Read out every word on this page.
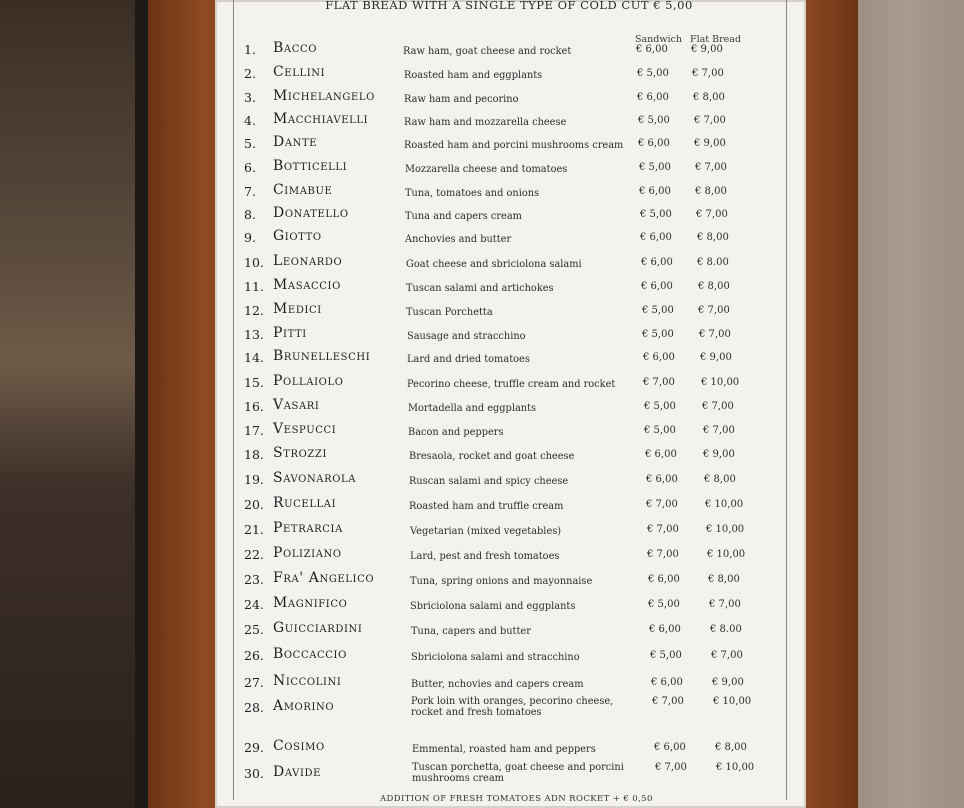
FLAT BREAD WITH A SINGLE TYPE OF COLD CUT € 5,00
Sandwich Flat Bread
1.	Bacco	Raw ham, goat cheese and rocket	€ 6,00 € 9,00
2.	Cellini	Roasted ham and eggplants	€ 5,00 € 7,00
3.	Michelangelo	Raw ham and pecorino	€ 6,00 € 8,00
4.	Macchiavelli	Raw ham and mozzarella cheese	€ 5,00 € 7,00
5.	Dante	Roasted ham and porcini mushrooms cream € 6,00 € 9,00
6.	Botticelli	Mozzarella cheese and tomatoes	€ 5,00 € 7,00
7.	Cimabue	Tuna, tomatoes and onions	€ 6,00 € 8,00
8.	Donatello	Tuna and capers cream	€ 5,00 € 7,00
9.	Giotto	Anchovies and butter	€ 6,00	€ 8,00
10. Leonardo	Goat cheese and sbriciolona salami	€ 6,00 € 8.00
11. Masaccio	Tuscan salami and artichokes	€ 6,00	€ 8,00
12. Medici	Tuscan Porchetta	€ 5,00 € 7,00
13. Pitti	Sausage and stracchino	€ 5,00	€ 7,00
14. Brunelleschi	Lard and dried tomatoes	€ 6,00	€ 9,00
15. Pollaiolo	Pecorino cheese, truffle cream and rocket	€ 7,00	€ 10,00
16. Vasari	Mortadella and eggplants	€ 5,00	€ 7,00
17. Vespucci	Bacon and peppers	€ 5,00	€ 7,00
18. Strozzi	Bresaola, rocket and goat cheese	€ 6,00	€ 9,00
19. Savonarola	Ruscan salami and spicy cheese	€ 6,00	€ 8,00
20. Rucellai	Roasted ham and truffle cream	€ 7,00	€ 10,00
21. Petrarcia	Vegetarian (mixed vegetables)	€ 7,00	€ 10,00
22. Poliziano	Lard, pest and fresh tomatoes	€ 7,00	€ 10,00
23. Fra' Angelico	Tuna, spring onions and mayonnaise	€ 6,00	€ 8,00
24. Magnifico	Sbriciolona salami and eggplants	€ 5,00	€ 7,00
25. Guicciardini	Tuna, capers and butter	€ 6,00	€ 8.00
26. Boccaccio	Sbriciolona salami and stracchino	€ 5,00	€ 7,00
27. Niccolini	Butter, nchovies and capers cream	€ 6,00	€ 9,00
28. Amorino	Pork loin with oranges, pecorino cheese, rocket and fresh tomatoes
€ 7,00	€ 10,00
29. Cosimo	Emmental, roasted ham and peppers	€ 6,00	€ 8,00
30. Davide	Tuscan porchetta, goat cheese and porcini mushrooms cream
€ 7,00	€ 10,00
ADDITION OF FRESH TOMATOES ADN ROCKET + € 0,50
